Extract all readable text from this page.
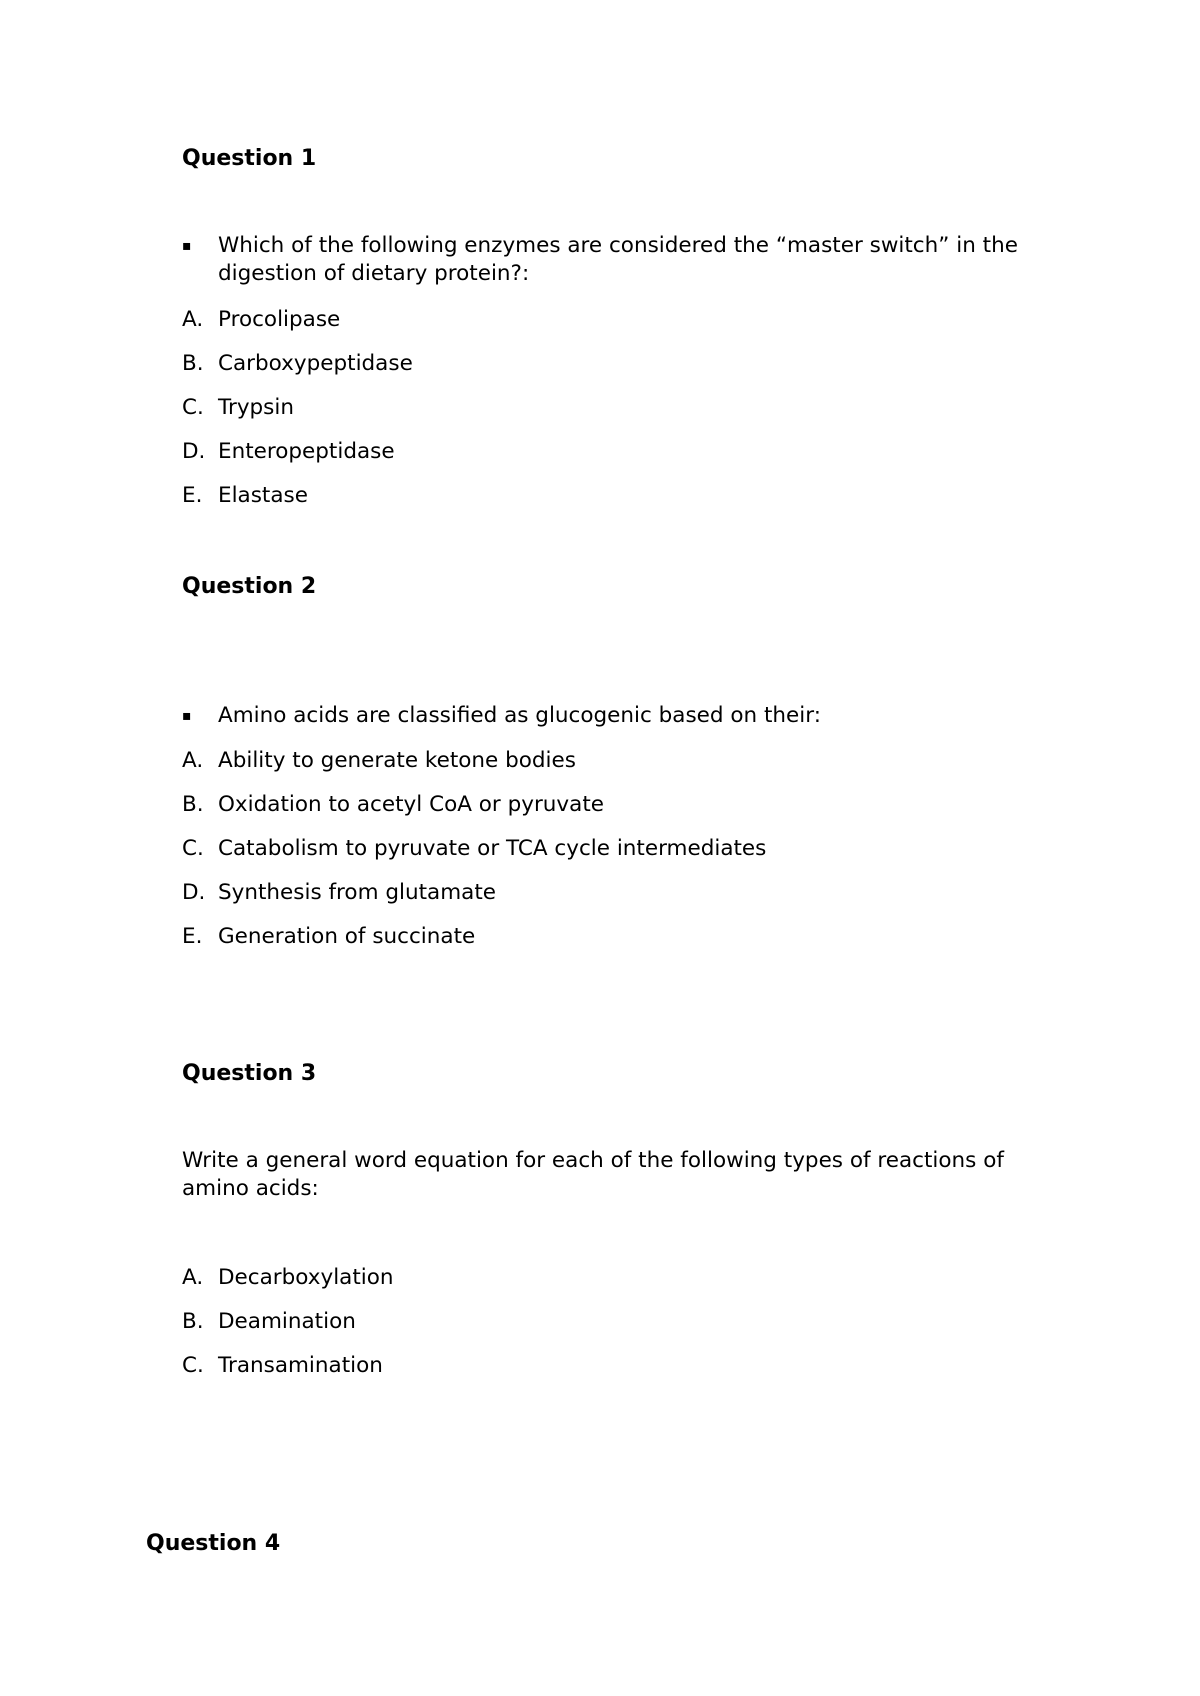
Question 1
▪	Which of the following enzymes are considered the “master switch” in the digestion of dietary protein?:
A. Procolipase
B. Carboxypeptidase
C. Trypsin
D. Enteropeptidase
E. Elastase
Question 2
▪	Amino acids are classified as glucogenic based on their:
A. Ability to generate ketone bodies
B. Oxidation to acetyl CoA or pyruvate
C. Catabolism to pyruvate or TCA cycle intermediates
D. Synthesis from glutamate
E. Generation of succinate
Question 3
Write a general word equation for each of the following types of reactions of amino acids:
A. Decarboxylation
B. Deamination
C. Transamination
Question 4
